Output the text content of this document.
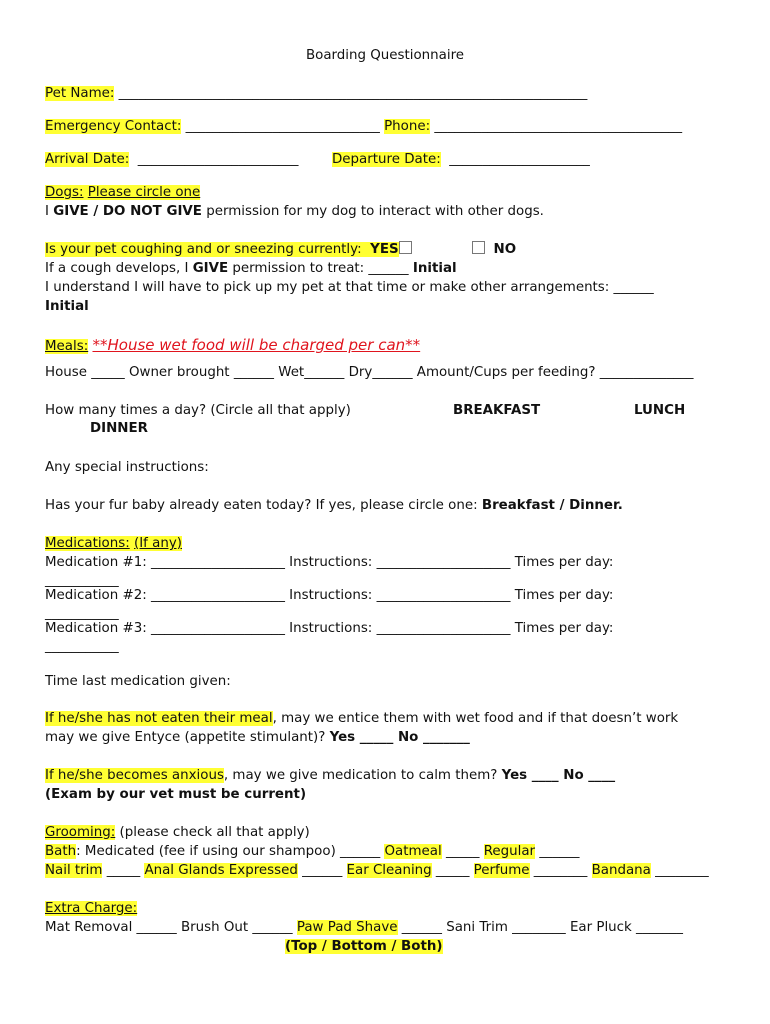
Boarding Questionnaire
Pet Name: ______________________________________________________________________
Emergency Contact: _____________________________ Phone: _____________________________________
Arrival Date:  ________________________	Departure Date:  _____________________
Dogs: Please circle one
I GIVE / DO NOT GIVE permission for my dog to interact with other dogs.
Is your pet coughing and or sneezing currently: YES	NO
If a cough develops, I GIVE permission to treat: ______ Initial
I understand I will have to pick up my pet at that time or make other arrangements: ______
Initial
Meals: **House wet food will be charged per can**
House _____ Owner brought ______ Wet______ Dry______ Amount/Cups per feeding? ______________
How many times a day? (Circle all that apply)	BREAKFAST	LUNCH
DINNER
Any special instructions:
Has your fur baby already eaten today? If yes, please circle one: Breakfast / Dinner.
Medications: (If any)
Medication #1: ____________________ Instructions: ____________________ Times per day:
___________
Medication #2: ____________________ Instructions: ____________________ Times per day:
___________
Medication #3: ____________________ Instructions: ____________________ Times per day:
___________
Time last medication given:
If he/she has not eaten their meal, may we entice them with wet food and if that doesn’t work
may we give Entyce (appetite stimulant)? Yes _____ No _______
If he/she becomes anxious, may we give medication to calm them? Yes ____ No ____
(Exam by our vet must be current)
Grooming: (please check all that apply)
Bath: Medicated (fee if using our shampoo) ______ Oatmeal _____ Regular ______
Nail trim _____ Anal Glands Expressed ______ Ear Cleaning _____ Perfume ________ Bandana ________
Extra Charge:
Mat Removal ______ Brush Out ______ Paw Pad Shave ______ Sani Trim ________ Ear Pluck _______
(Top / Bottom / Both)
